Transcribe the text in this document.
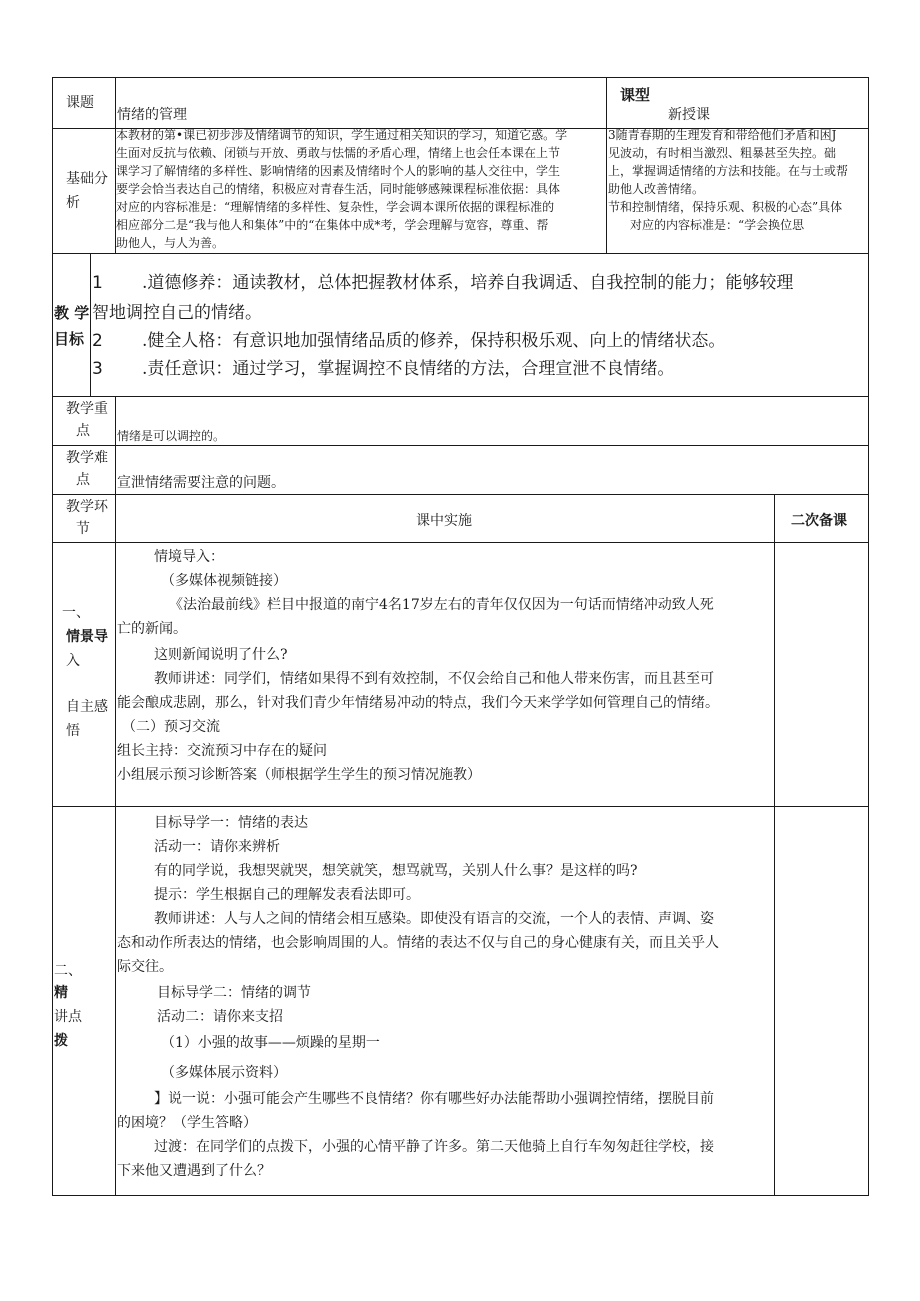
课题
情绪的管理
课型
新授课
基础分
析
本教材的第•课已初步涉及情绪调节的知识，学生通过相关知识的学习，知道它惑。学
生面对反抗与依赖、闭锁与开放、勇敢与怯懦的矛盾心理，情绪上也会任本课在上节
课学习了解情绪的多样性、影响情绪的因素及情绪时个人的影响的基人交往中，学生
要学会恰当表达自己的情绪，积极应对青春生活，同时能够感辣课程标准依据：具体
对应的内容标准是：“理解情绪的多样性、复杂性，学会调本课所依据的课程标准的
相应部分二是“我与他人和集体”中的“在集体中成*考，学会理解与宽容，尊重、帮
助他人，与人为善。
3随青春期的生理发育和带给他们矛盾和困J
见波动，有时相当激烈、粗暴甚至失控。础
上，掌握调适情绪的方法和技能。在与士或帮
助他人改善情绪。
节和控制情绪，保持乐观、积极的心态”具体
对应的内容标准是：“学会换位思
教 学
目标
1 .道德修养：通读教材，总体把握教材体系，培养自我调适、自我控制的能力；能够较理
智地调控自己的情绪。
2 .健全人格：有意识地加强情绪品质的修养，保持积极乐观、向上的情绪状态。
3 .责任意识：通过学习，掌握调控不良情绪的方法，合理宣泄不良情绪。
教学重
点 情绪是可以调控的。
教学难
点 宣泄情绪需要注意的问题。
教学环
节	课中实施	二次备课
一、
情景导
入
自主感
悟
情境导入：
（多媒体视频链接）
《法治最前线》栏目中报道的南宁4名17岁左右的青年仅仅因为一句话而情绪冲动致人死
亡的新闻。
这则新闻说明了什么?
教师讲述：同学们，情绪如果得不到有效控制，不仅会给自己和他人带来伤害，而且甚至可
能会酿成悲剧，那么，针对我们青少年情绪易冲动的特点，我们今天来学学如何管理自己的情绪。
（二）预习交流
组长主持：交流预习中存在的疑问
小组展示预习诊断答案（师根据学生学生的预习情况施教）
二、
精
讲点
拨
目标导学一：情绪的表达
活动一：请你来辨析
有的同学说，我想哭就哭，想笑就笑，想骂就骂，关别人什么事？是这样的吗?
提示：学生根据自己的理解发表看法即可。
教师讲述：人与人之间的情绪会相互感染。即使没有语言的交流，一个人的表情、声调、姿
态和动作所表达的情绪，也会影响周围的人。情绪的表达不仅与自己的身心健康有关，而且关乎人
际交往。
目标导学二：情绪的调节
活动二：请你来支招
（1）小强的故事——烦躁的星期一
（多媒体展示资料）
】说一说：小强可能会产生哪些不良情绪？你有哪些好办法能帮助小强调控情绪，摆脱目前
的困境？（学生答略）
过渡：在同学们的点拨下，小强的心情平静了许多。第二天他骑上自行车匆匆赶往学校，接
下来他又遭遇到了什么？
